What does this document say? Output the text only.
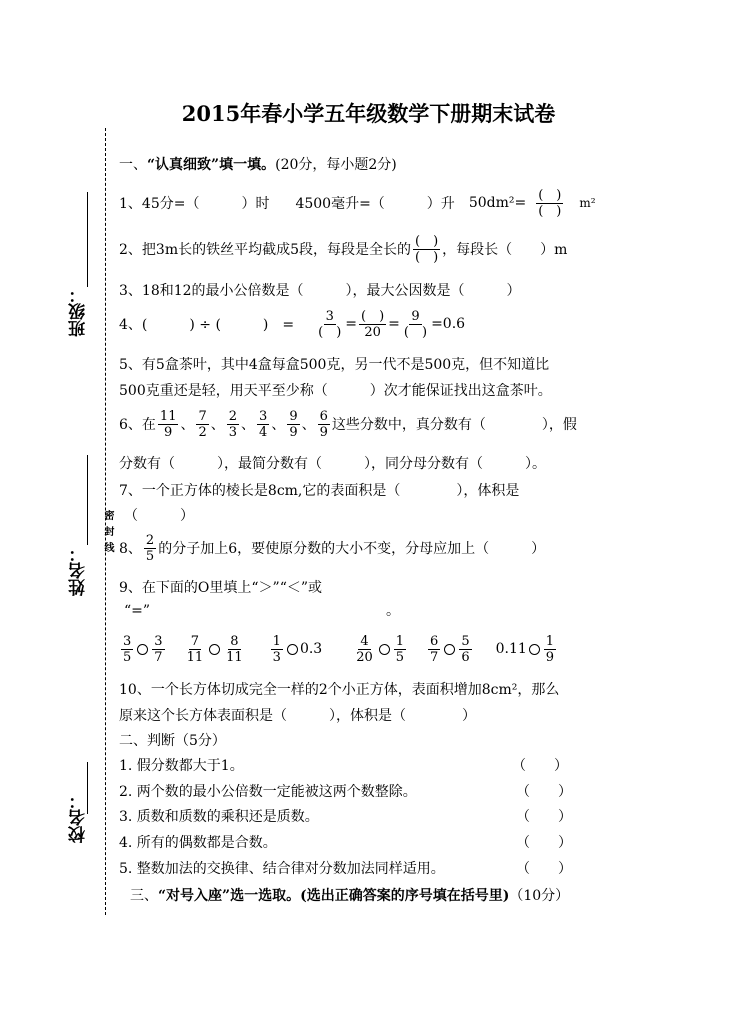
2015年春小学五年级数学下册期末试卷
班级：
姓名：
校名：
密封线
一、“认真细致”填一填。(20分，每小题2分)
1、45分=（　　　）时 4500毫升=（　　　）升 $50dm^2= \frac{( )}{( )} m^2$
2、把3m长的铁丝平均截成5段，每段是全长的 $\frac{( )}{( )}$ ，每段长（　　）m
3、18和12的最小公倍数是（　　　），最大公因数是（　　　）
4、(　　　) ÷ (　　　)　= $\frac{3}{( )} = \frac{( )}{20} = \frac{9}{( )} =0.6$
5、有5盒茶叶，其中4盒每盒500克，另一代不是500克，但不知道比
500克重还是轻，用天平至少称（　　　）次才能保证找出这盒茶叶。
6、在 $\frac{11}{9}$ 、 $\frac{7}{2}$ 、 $\frac{2}{3}$ 、 $\frac{3}{4}$ 、 $\frac{9}{9}$ 、 $\frac{6}{9}$ 这些分数中，真分数有（　　　　），假
分数有（　　　），最简分数有（　　　），同分母分数有（　　　）。
7、一个正方体的棱长是8cm,它的表面积是（　　　　），体积是
（　　　）
8、 $\frac{2}{5}$ 的分子加上6，要使原分数的大小不变，分母应加上（　　　）
9、在下面的O里填上“＞”“＜”或
“=”	。
$\frac{3}{5} \frac{3}{7} \frac{7}{11} \frac{8}{11} \frac{1}{3} 0.3 \frac{4}{20} \frac{1}{5} \frac{6}{7} \frac{5}{6} 0.11 \frac{1}{9}$
10、一个长方体切成完全一样的2个小正方体，表面积增加8cm²，那么
原来这个长方体表面积是（　　　），体积是（　　　　）
二、判断（5分）
1. 假分数都大于1。
2. 两个数的最小公倍数一定能被这两个数整除。
3. 质数和质数的乘积还是质数。
4. 所有的偶数都是合数。
5. 整数加法的交换律、结合律对分数加法同样适用。
（　　）
（　　）
（　　）
（　　）
（　　）
三、“对号入座”选一选取。(选出正确答案的序号填在括号里)（10分）
